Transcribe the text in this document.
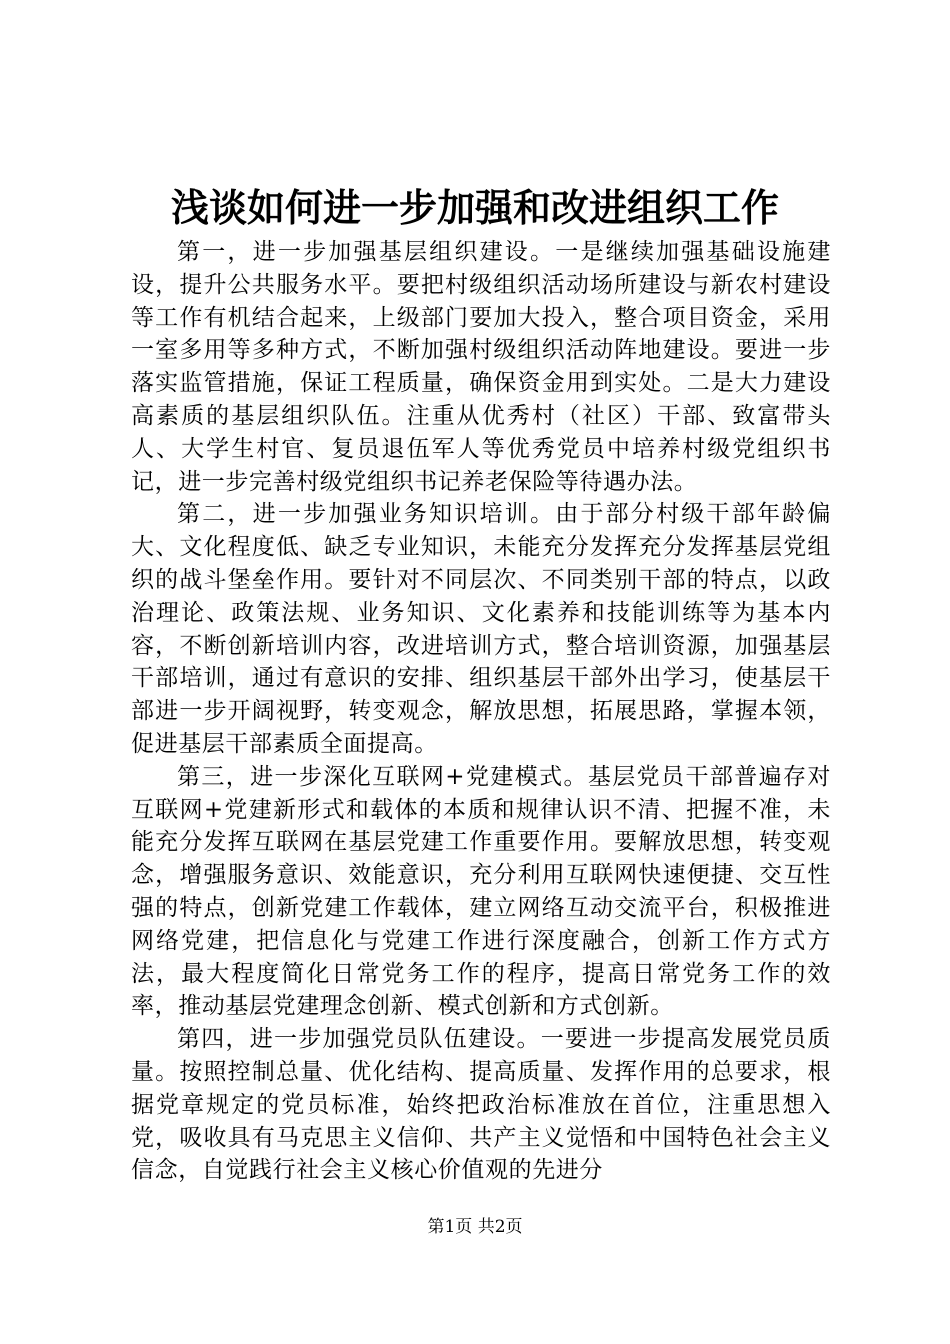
浅谈如何进一步加强和改进组织工作

第一，进一步加强基层组织建设。一是继续加强基础设施建设，提升公共服务水平。要把村级组织活动场所建设与新农村建设等工作有机结合起来，上级部门要加大投入，整合项目资金，采用一室多用等多种方式，不断加强村级组织活动阵地建设。要进一步落实监管措施，保证工程质量，确保资金用到实处。二是大力建设高素质的基层组织队伍。注重从优秀村（社区）干部、致富带头人、大学生村官、复员退伍军人等优秀党员中培养村级党组织书记，进一步完善村级党组织书记养老保险等待遇办法。

第二，进一步加强业务知识培训。由于部分村级干部年龄偏大、文化程度低、缺乏专业知识，未能充分发挥充分发挥基层党组织的战斗堡垒作用。要针对不同层次、不同类别干部的特点，以政治理论、政策法规、业务知识、文化素养和技能训练等为基本内容，不断创新培训内容，改进培训方式，整合培训资源，加强基层干部培训，通过有意识的安排、组织基层干部外出学习，使基层干部进一步开阔视野，转变观念，解放思想，拓展思路，掌握本领，促进基层干部素质全面提高。

第三，进一步深化互联网+党建模式。基层党员干部普遍存对互联网+党建新形式和载体的本质和规律认识不清、把握不准，未能充分发挥互联网在基层党建工作重要作用。要解放思想，转变观念，增强服务意识、效能意识，充分利用互联网快速便捷、交互性强的特点，创新党建工作载体，建立网络互动交流平台，积极推进网络党建，把信息化与党建工作进行深度融合，创新工作方式方法，最大程度简化日常党务工作的程序，提高日常党务工作的效率，推动基层党建理念创新、模式创新和方式创新。

第四，进一步加强党员队伍建设。一要进一步提高发展党员质量。按照控制总量、优化结构、提高质量、发挥作用的总要求，根据党章规定的党员标准，始终把政治标准放在首位，注重思想入党，吸收具有马克思主义信仰、共产主义觉悟和中国特色社会主义信念，自觉践行社会主义核心价值观的先进分

第1页 共2页
